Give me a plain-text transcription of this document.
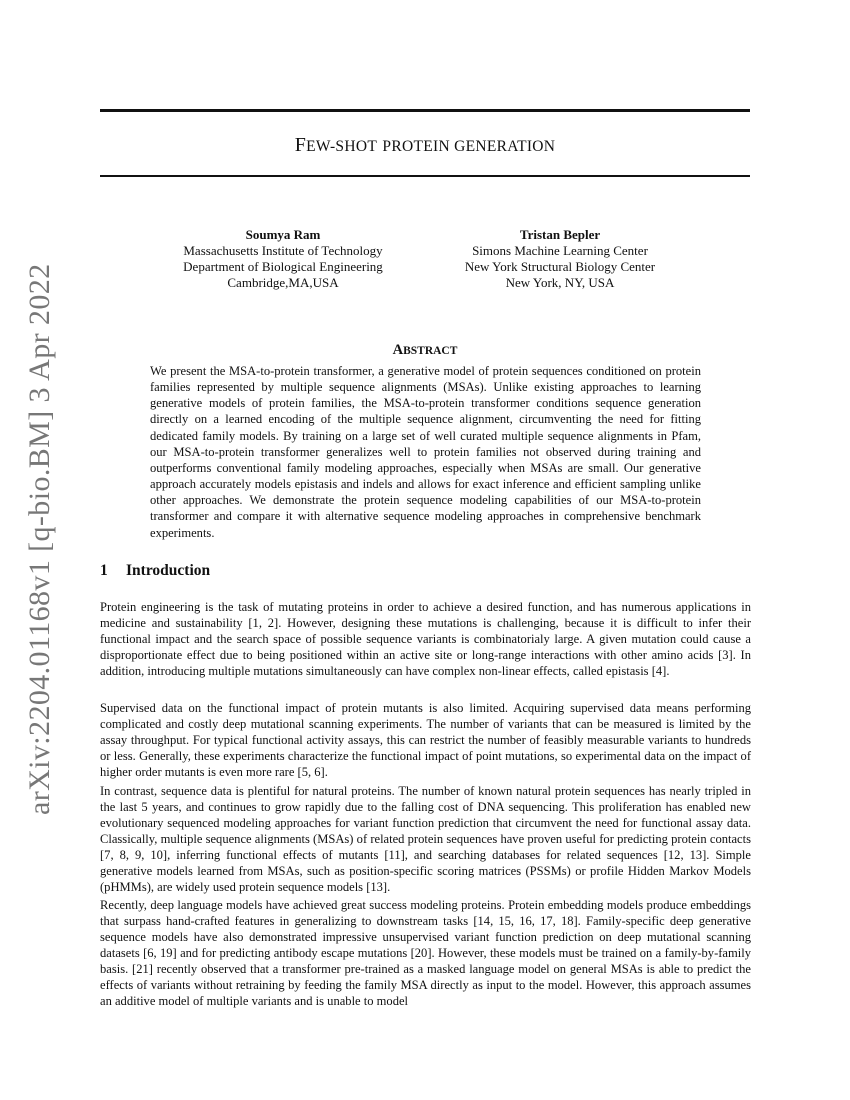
FEW-SHOT PROTEIN GENERATION
Soumya Ram
Massachusetts Institute of Technology
Department of Biological Engineering
Cambridge,MA,USA
Tristan Bepler
Simons Machine Learning Center
New York Structural Biology Center
New York, NY, USA
arXiv:2204.01168v1 [q-bio.BM] 3 Apr 2022	ABSTRACT

We present the MSA-to-protein transformer, a generative model of protein sequences conditioned on protein families represented by multiple sequence alignments (MSAs). Unlike existing approaches to learning generative models of protein families, the MSA-to-protein transformer conditions sequence generation directly on a learned encoding of the multiple sequence alignment, circumventing the need for fitting dedicated family models. By training on a large set of well curated multiple sequence alignments in Pfam, our MSA-to-protein transformer generalizes well to protein families not observed during training and outperforms conventional family modeling approaches, especially when MSAs are small. Our generative approach accurately models epistasis and indels and allows for exact inference and efficient sampling unlike other approaches. We demonstrate the protein sequence modeling capabilities of our MSA-to-protein transformer and compare it with alternative sequence modeling approaches in comprehensive benchmark experiments.

1 Introduction

Protein engineering is the task of mutating proteins in order to achieve a desired function, and has numerous applications in medicine and sustainability [1, 2]. However, designing these mutations is challenging, because it is difficult to infer their functional impact and the search space of possible sequence variants is combinatorialy large. A given mutation could cause a disproportionate effect due to being positioned within an active site or long-range interactions with other amino acids [3]. In addition, introducing multiple mutations simultaneously can have complex non-linear effects, called epistasis [4].

Supervised data on the functional impact of protein mutants is also limited. Acquiring supervised data means performing complicated and costly deep mutational scanning experiments. The number of variants that can be measured is limited by the assay throughput. For typical functional activity assays, this can restrict the number of feasibly measurable variants to hundreds or less. Generally, these experiments characterize the functional impact of point mutations, so experimental data on the impact of higher order mutants is even more rare [5, 6].

In contrast, sequence data is plentiful for natural proteins. The number of known natural protein sequences has nearly tripled in the last 5 years, and continues to grow rapidly due to the falling cost of DNA sequencing. This proliferation has enabled new evolutionary sequenced modeling approaches for variant function prediction that circumvent the need for functional assay data. Classically, multiple sequence alignments (MSAs) of related protein sequences have proven useful for predicting protein contacts [7, 8, 9, 10], inferring functional effects of mutants [11], and searching databases for related sequences [12, 13]. Simple generative models learned from MSAs, such as position-specific scoring matrices (PSSMs) or profile Hidden Markov Models (pHMMs), are widely used protein sequence models [13].

Recently, deep language models have achieved great success modeling proteins. Protein embedding models produce embeddings that surpass hand-crafted features in generalizing to downstream tasks [14, 15, 16, 17, 18]. Family-specific deep generative sequence models have also demonstrated impressive unsupervised variant function prediction on deep mutational scanning datasets [6, 19] and for predicting antibody escape mutations [20]. However, these models must be trained on a family-by-family basis. [21] recently observed that a transformer pre-trained as a masked language model on general MSAs is able to predict the effects of variants without retraining by feeding the family MSA directly as input to the model. However, this approach assumes an additive model of multiple variants and is unable to model
